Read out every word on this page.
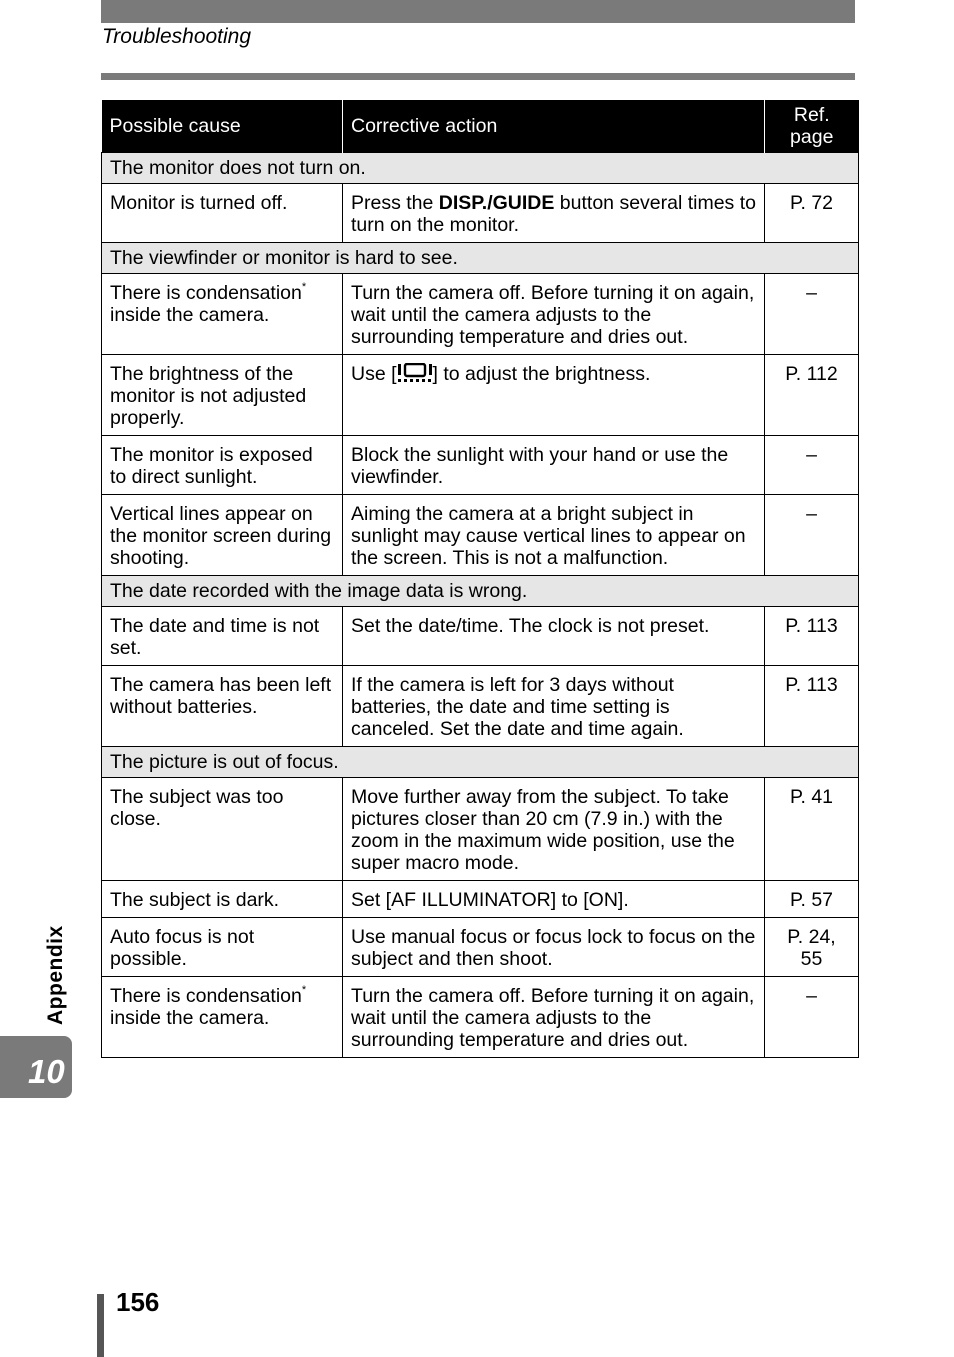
Troubleshooting
Possible cause	Corrective action	Ref.
page
The monitor does not turn on.		
Monitor is turned off.	Press the DISP./GUIDE button several times to turn on the monitor.	P. 72
The viewfinder or monitor is hard to see.		
There is condensation* inside the camera.	Turn the camera off. Before turning it on again, wait until the camera adjusts to the surrounding temperature and dries out.	–
The brightness of the monitor is not adjusted properly.	Use [ ] to adjust the brightness.	P. 112
The monitor is exposed to direct sunlight.	Block the sunlight with your hand or use the viewfinder.	–
Vertical lines appear on the monitor screen during shooting.	Aiming the camera at a bright subject in sunlight may cause vertical lines to appear on the screen. This is not a malfunction.	–
The date recorded with the image data is wrong.		
The date and time is not set.	Set the date/time. The clock is not preset.	P. 113
The camera has been left without batteries.	If the camera is left for 3 days without batteries, the date and time setting is canceled. Set the date and time again.	P. 113
The picture is out of focus.		
The subject was too close.	Move further away from the subject. To take pictures closer than 20 cm (7.9 in.) with the zoom in the maximum wide position, use the super macro mode.	P. 41
The subject is dark.	Set [AF ILLUMINATOR] to [ON].	P. 57
Auto focus is not possible.	Use manual focus or focus lock to focus on the subject and then shoot.	P. 24, 55
There is condensation* inside the camera.	Turn the camera off. Before turning it on again, wait until the camera adjusts to the surrounding temperature and dries out.	–
Appendix
10
156
